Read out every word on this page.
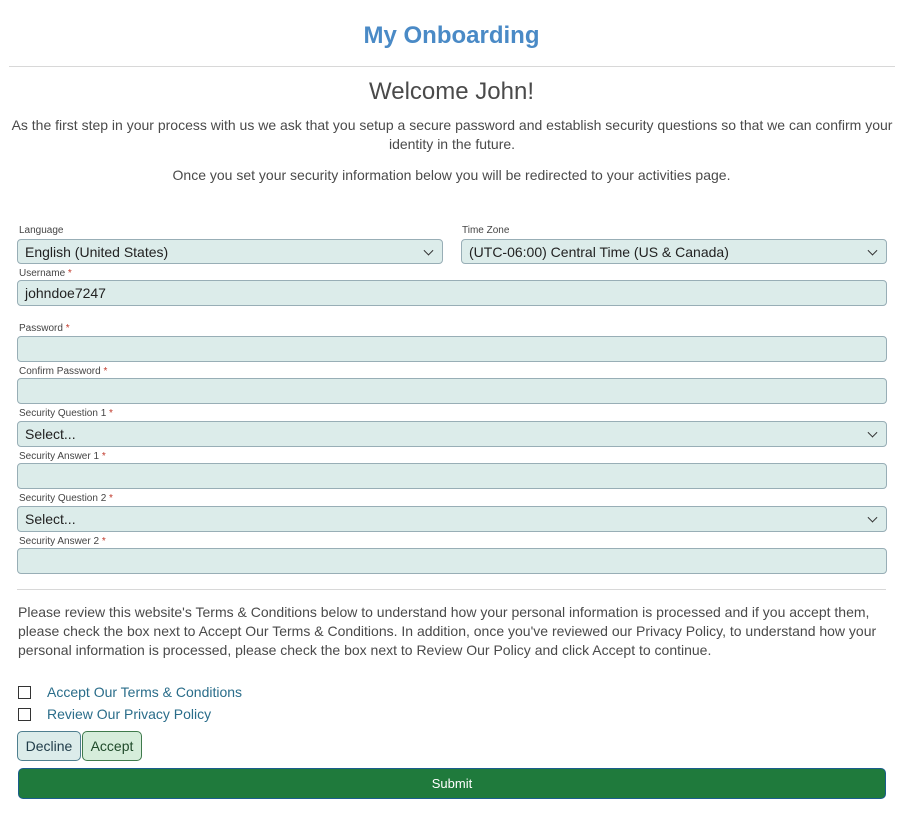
My Onboarding
Welcome John!
As the first step in your process with us we ask that you setup a secure password and establish security questions so that we can confirm your identity in the future.
Once you set your security information below you will be redirected to your activities page.
Language
English (United States)
Time Zone
(UTC-06:00) Central Time (US & Canada)
Username *
johndoe7247
Password *
Confirm Password *
Security Question 1 *
Select...
Security Answer 1 *
Security Question 2 *
Select...
Security Answer 2 *
Please review this website's Terms & Conditions below to understand how your personal information is processed and if you accept them, please check the box next to Accept Our Terms & Conditions. In addition, once you've reviewed our Privacy Policy, to understand how your personal information is processed, please check the box next to Review Our Policy and click Accept to continue.
Accept Our Terms & Conditions
Review Our Privacy Policy
Decline	Accept
Submit
